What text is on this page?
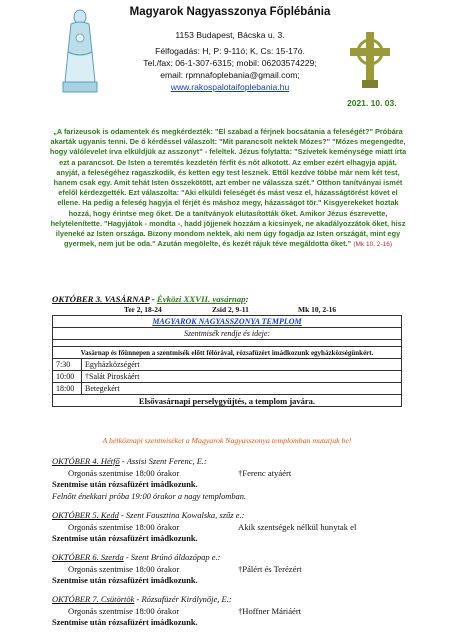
Magyarok Nagyasszonya Főplébánia
1153 Budapest, Bácska u. 3.
Félfogadás: H, P: 9-11ó; K, Cs: 15-17ó.
Tel./fax: 06-1-307-6315; mobil: 06203574229;
email: rpmnafoplebania@gmail.com;
www.rakospalotaifoplebania.hu
2021. 10. 03.
„A farizeusok is odamentek és megkérdezték: "El szabad a férjnek bocsátania a feleségét?" Próbára akarták ugyanis tenni. De ő kérdéssel válaszolt: "Mit parancsolt nektek Mózes?" "Mózes megengedte, hogy válólevelet írva elküldjük az asszonyt" - feleltek. Jézus folytatta: "Szívetek keménysége miatt írta ezt a parancsot. De Isten a teremtés kezdetén férfit és nőt alkotott. Az ember ezért elhagyja apját, anyját, a feleségéhez ragaszkodik, és ketten egy test lesznek. Ettől kezdve többé már nem két test, hanem csak egy. Amit tehát Isten összekötött, azt ember ne válassza szét." Otthon tanítványai ismét efelől kérdezgették. Ezt válaszolta: "Aki elküldi feleségét és mást vesz el, házasságtörést követ el ellene. Ha pedig a feleség hagyja el férjét és máshoz megy, házasságot tör." Kisgyerekeket hoztak hozzá, hogy érintse meg őket. De a tanítványok elutasították őket. Amikor Jézus észrevette, helytelenítette. "Hagyjátok - mondta -, hadd jöjjenek hozzám a kicsinyek, ne akadályozzátok őket, hisz ilyeneké az Isten országa. Bizony mondom nektek, aki nem úgy fogadja az Isten országát, mint egy gyermek, nem jut be oda." Azután megölelte, és kezét rájuk téve megáldotta őket.” (Mk 10, 2-16)
OKTÓBER 3. VASÁRNAP - Évközi XXVII. vasárnap:
Ter 2, 18-24	Zsid 2, 9-11	Mk 10, 2-16
MAGYAROK NAGYASSZONYA TEMPLOM	
Szentmisék rendje és ideje:	

Vasárnap és főünnepen a szentmisék előtt félórával, rózsafüzért imádkozunk egyházközségünkért.	
7:30	Egyházközségért
10:00	†Salát Piroskáért
18:00	Betegekért
Elsővasárnapi perselygyűjtés, a templom javára.	
A hétköznapi szentmiséket a Magyarok Nagyasszonya templomban mutatjuk be!
OKTÓBER 4. Hétfő - Assisi Szent Ferenc, E.:
Orgonás szentmise 18:00 órakor	†Ferenc atyáért
Szentmise után rózsafüzért imádkozunk.
Felnőtt énekkari próba 19:00 órakor a nagy templomban.
OKTÓBER 5. Kedd - Szent Fausztina Kowalska, szűz e.:
Orgonás szentmise 18:00 órakor	Akik szentségek nélkül hunytak el
Szentmise után rózsafüzért imádkozunk.
OKTÓBER 6. Szerda - Szent Brúnó áldozópap e.:
Orgonás szentmise 18:00 órakor	†Pálért és Terézért
Szentmise után rózsafüzért imádkozunk.
OKTÓBER 7. Csütörtök - Rózsafüzér Királynője, E.:
Orgonás szentmise 18:00 órakor	†Hoffner Máriáért
Szentmise után rózsafüzért imádkozunk.
